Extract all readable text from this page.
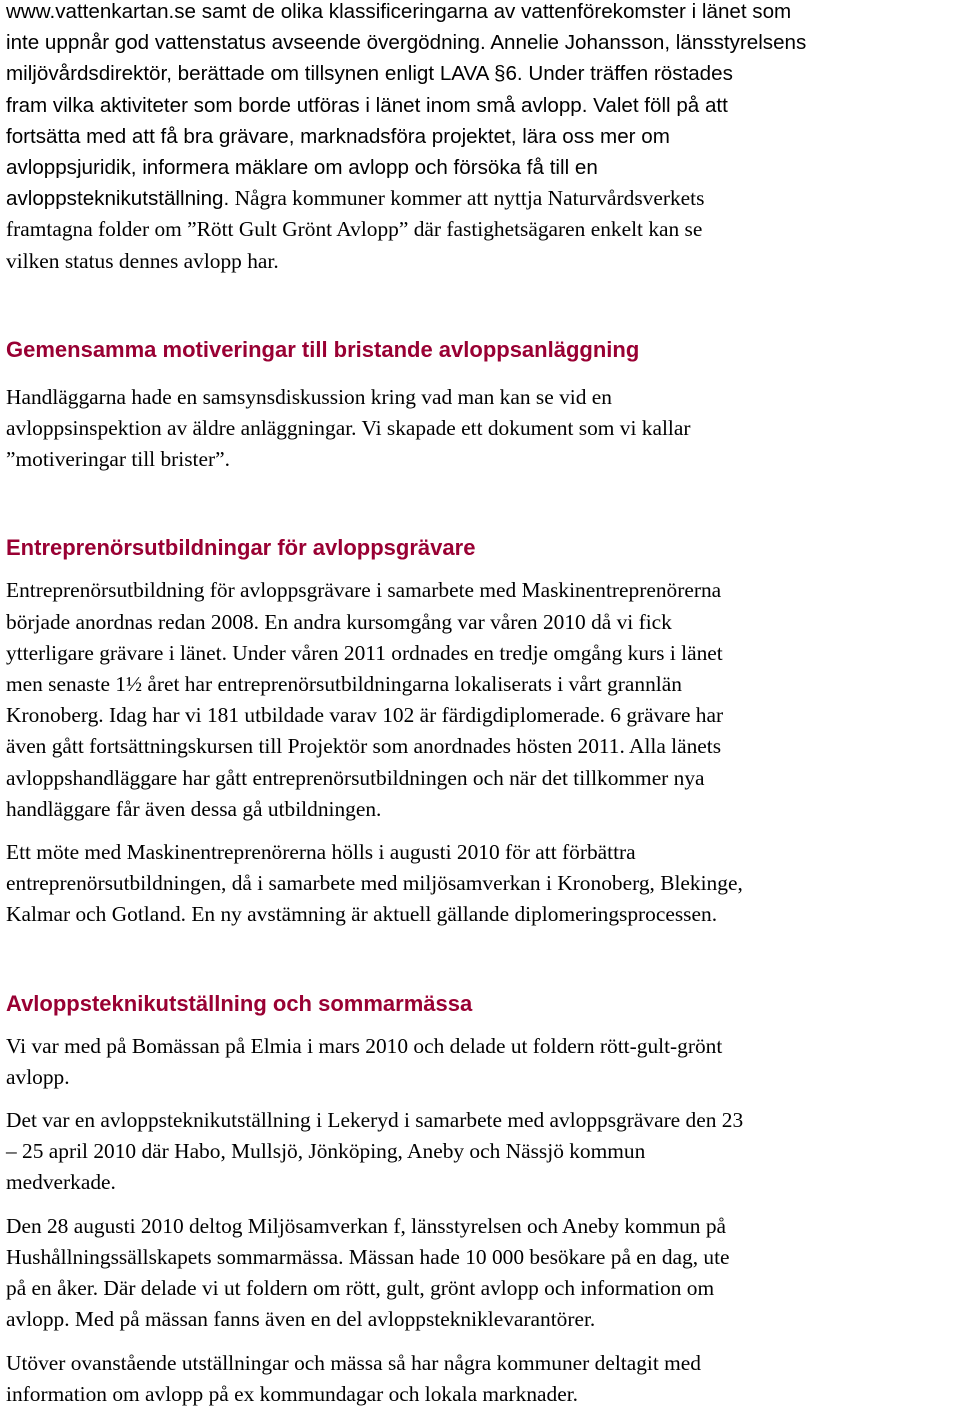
www.vattenkartan.se samt de olika klassificeringarna av vattenförekomster i länet som
inte uppnår god vattenstatus avseende övergödning. Annelie Johansson, länsstyrelsens
miljövårdsdirektör, berättade om tillsynen enligt LAVA §6. Under träffen röstades
fram vilka aktiviteter som borde utföras i länet inom små avlopp. Valet föll på att
fortsätta med att få bra grävare, marknadsföra projektet, lära oss mer om
avloppsjuridik, informera mäklare om avlopp och försöka få till en
avloppsteknikutställning. Några kommuner kommer att nyttja Naturvårdsverkets
framtagna folder om ”Rött Gult Grönt Avlopp” där fastighetsägaren enkelt kan se
vilken status dennes avlopp har.

Gemensamma motiveringar till bristande avloppsanläggning

Handläggarna hade en samsynsdiskussion kring vad man kan se vid en
avloppsinspektion av äldre anläggningar. Vi skapade ett dokument som vi kallar
”motiveringar till brister”.

Entreprenörsutbildningar för avloppsgrävare

Entreprenörsutbildning för avloppsgrävare i samarbete med Maskinentreprenörerna
började anordnas redan 2008. En andra kursomgång var våren 2010 då vi fick
ytterligare grävare i länet. Under våren 2011 ordnades en tredje omgång kurs i länet
men senaste 1½ året har entreprenörsutbildningarna lokaliserats i vårt grannlän
Kronoberg. Idag har vi 181 utbildade varav 102 är färdigdiplomerade. 6 grävare har
även gått fortsättningskursen till Projektör som anordnades hösten 2011. Alla länets
avloppshandläggare har gått entreprenörsutbildningen och när det tillkommer nya
handläggare får även dessa gå utbildningen.

Ett möte med Maskinentreprenörerna hölls i augusti 2010 för att förbättra
entreprenörsutbildningen, då i samarbete med miljösamverkan i Kronoberg, Blekinge,
Kalmar och Gotland. En ny avstämning är aktuell gällande diplomeringsprocessen.

Avloppsteknikutställning och sommarmässa

Vi var med på Bomässan på Elmia i mars 2010 och delade ut foldern rött-gult-grönt
avlopp.

Det var en avloppsteknikutställning i Lekeryd i samarbete med avloppsgrävare den 23
– 25 april 2010 där Habo, Mullsjö, Jönköping, Aneby och Nässjö kommun
medverkade.

Den 28 augusti 2010 deltog Miljösamverkan f, länsstyrelsen och Aneby kommun på
Hushållningssällskapets sommarmässa. Mässan hade 10 000 besökare på en dag, ute
på en åker. Där delade vi ut foldern om rött, gult, grönt avlopp och information om
avlopp. Med på mässan fanns även en del avloppstekniklevarantörer.

Utöver ovanstående utställningar och mässa så har några kommuner deltagit med
information om avlopp på ex kommundagar och lokala marknader.
